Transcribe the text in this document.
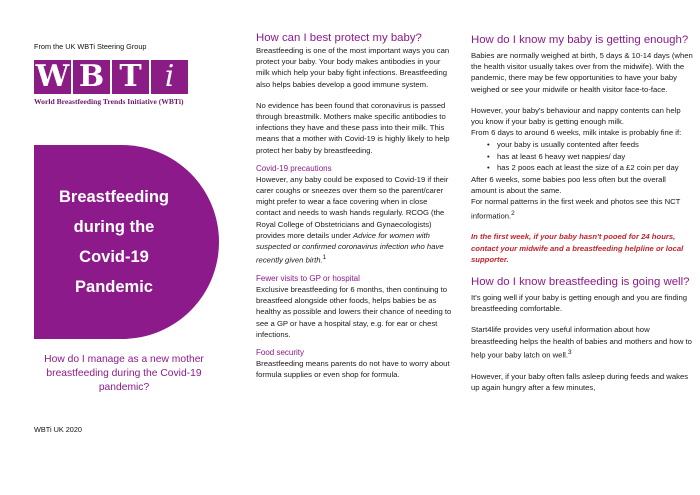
From the UK WBTi Steering Group
W B T i
World Breastfeeding Trends Initiative (WBTi)
Breastfeeding
during the
Covid-19
Pandemic
How do I manage as a new mother breastfeeding during the Covid-19 pandemic?
WBTi UK 2020
How can I best protect my baby?

Breastfeeding is one of the most important ways you can protect your baby. Your body makes antibodies in your milk which help your baby fight infections. Breastfeeding also helps babies develop a good immune system.

No evidence has been found that coronavirus is passed through breastmilk. Mothers make specific antibodies to infections they have and these pass into their milk. This means that a mother with Covid-19 is highly likely to help protect her baby by breastfeeding.

Covid-19 precautions

However, any baby could be exposed to Covid-19 if their carer coughs or sneezes over them so the parent/carer might prefer to wear a face covering when in close contact and needs to wash hands regularly. RCOG (the Royal College of Obstetricians and Gynaecologists) provides more details under Advice for women with suspected or confirmed coronavirus infection who have recently given birth.$^1$

Fewer visits to GP or hospital

Exclusive breastfeeding for 6 months, then continuing to breastfeed alongside other foods, helps babies be as healthy as possible and lowers their chance of needing to see a GP or have a hospital stay, e.g. for ear or chest infections.

Food security

Breastfeeding means parents do not have to worry about formula supplies or even shop for formula.

How do I know my baby is getting enough?

Babies are normally weighed at birth, 5 days & 10-14 days (when the health visitor usually takes over from the midwife). With the pandemic, there may be few opportunities to have your baby weighed or see your midwife or health visitor face-to-face.

However, your baby's behaviour and nappy contents can help you know if your baby is getting enough milk.

From 6 days to around 6 weeks, milk intake is probably fine if:

• your baby is usually contented after feeds
• has at least 6 heavy wet nappies/ day
• has 2 poos each at least the size of a £2 coin per day

After 6 weeks, some babies poo less often but the overall amount is about the same.

For normal patterns in the first week and photos see this NCT information.$^2$

In the first week, if your baby hasn't pooed for 24 hours, contact your midwife and a breastfeeding helpline or local supporter.

How do I know breastfeeding is going well?

It's going well if your baby is getting enough and you are finding breastfeeding comfortable.

Start4life provides very useful information about how breastfeeding helps the health of babies and mothers and how to help your baby latch on well.$^3$

However, if your baby often falls asleep during feeds and wakes up again hungry after a few minutes,
